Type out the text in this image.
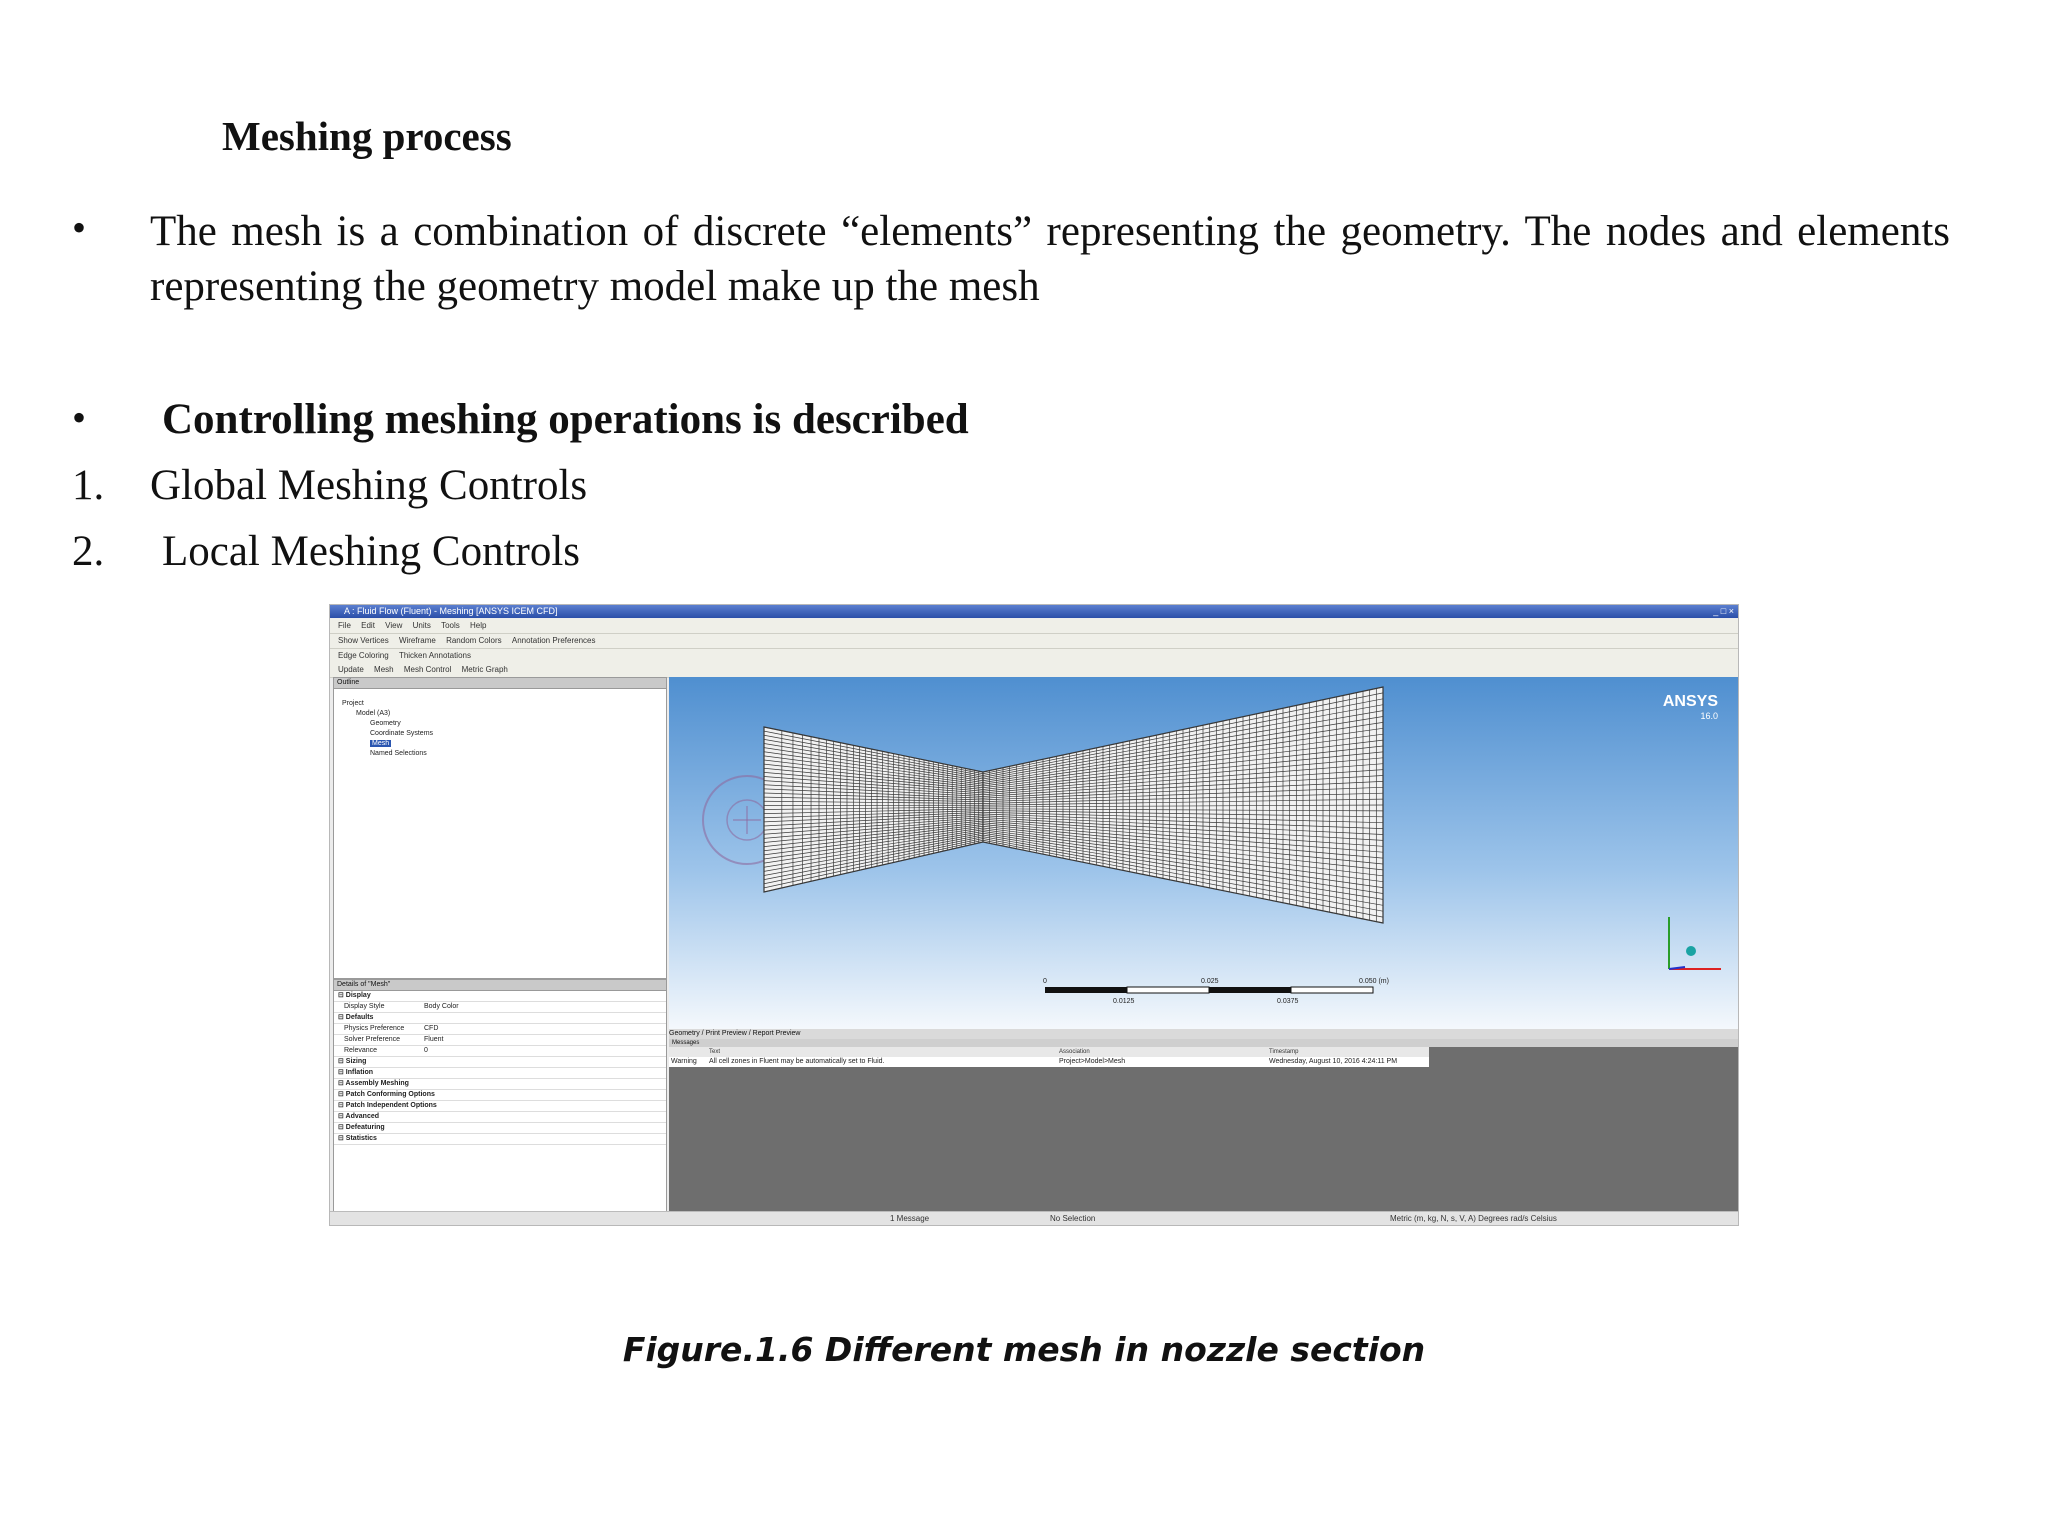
Meshing process
• The mesh is a combination of discrete “elements” representing the geometry. The nodes and elements representing the geometry model make up the mesh
• Controlling meshing operations is described
1. Global Meshing Controls
2. Local Meshing Controls
A : Fluid Flow (Fluent) - Meshing [ANSYS ICEM CFD]	_ □ ×
File Edit View Units Tools Help
Show Vertices Wireframe Random Colors Annotation Preferences
Edge Coloring Thicken Annotations
Update Mesh Mesh Control Metric Graph
Outline
Project
Model (A3)
Geometry
Coordinate Systems
Mesh
Named Selections
Details of "Mesh"
⊟ Display
Display Style	Body Color
⊟ Defaults
Physics Preference	CFD
Solver Preference	Fluent
Relevance	0
⊟ Sizing
⊟ Inflation
⊟ Assembly Meshing
⊟ Patch Conforming Options
⊟ Patch Independent Options
⊟ Advanced
⊟ Defeaturing
⊟ Statistics
ANSYS
16.0
0	0.025	0.050 (m)
0.0125	0.0375
Geometry / Print Preview / Report Preview
Messages
Text	Association	Timestamp
Warning All cell zones in Fluent may be automatically set to Fluid.	Project>Model>Mesh	Wednesday, August 10, 2016 4:24:11 PM
1 Message	No Selection	Metric (m, kg, N, s, V, A) Degrees rad/s Celsius
Figure.1.6 Different mesh in nozzle section
